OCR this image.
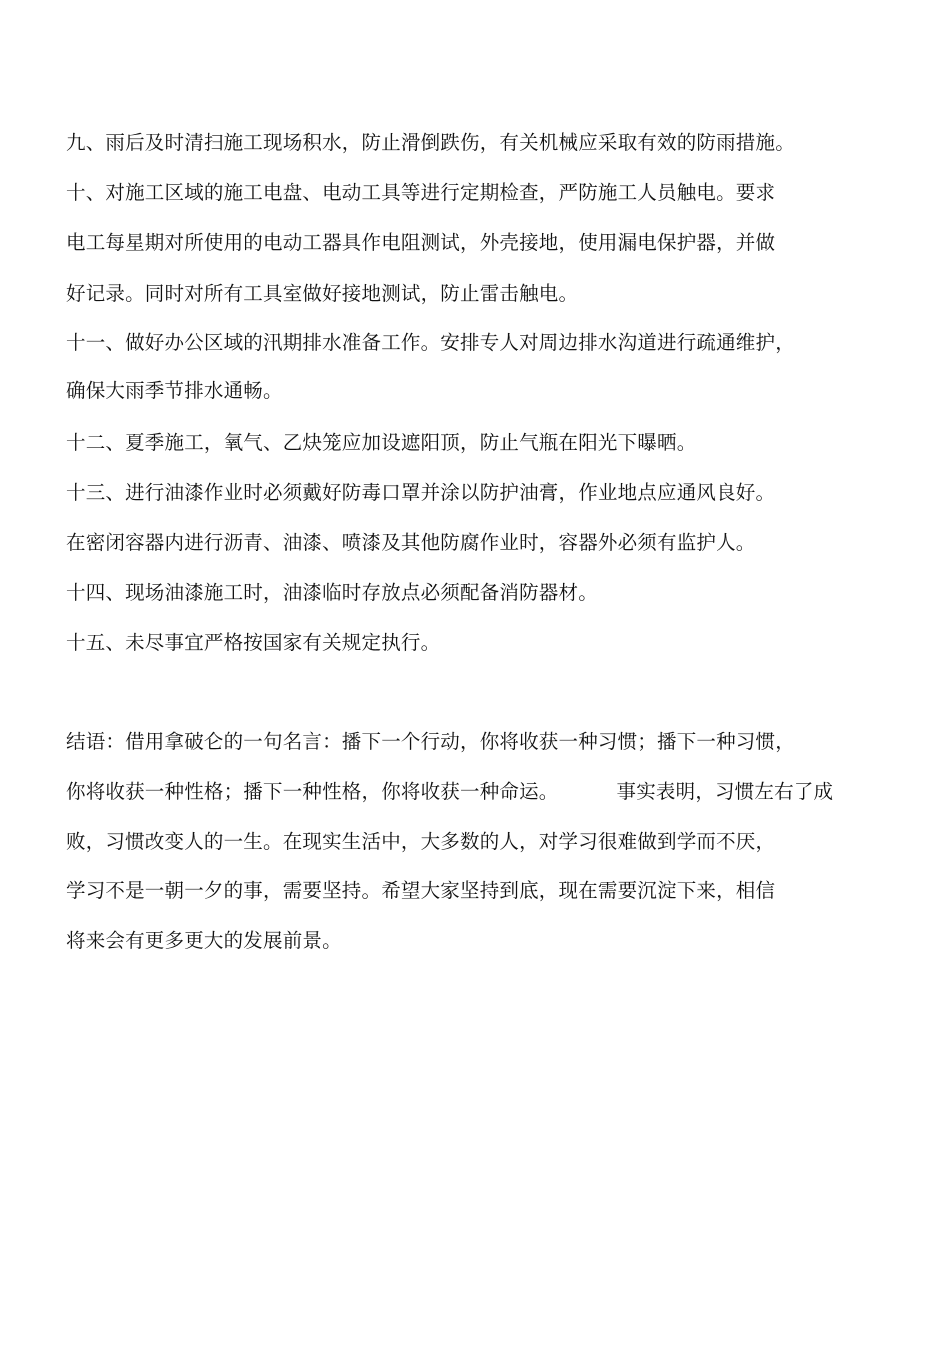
九、雨后及时清扫施工现场积水，防止滑倒跌伤，有关机械应采取有效的防雨措施。
十、对施工区域的施工电盘、电动工具等进行定期检查，严防施工人员触电。要求
电工每星期对所使用的电动工器具作电阻测试，外壳接地，使用漏电保护器，并做
好记录。同时对所有工具室做好接地测试，防止雷击触电。
十一、做好办公区域的汛期排水准备工作。安排专人对周边排水沟道进行疏通维护，
确保大雨季节排水通畅。
十二、夏季施工，氧气、乙炔笼应加设遮阳顶，防止气瓶在阳光下曝晒。
十三、进行油漆作业时必须戴好防毒口罩并涂以防护油膏，作业地点应通风良好。
在密闭容器内进行沥青、油漆、喷漆及其他防腐作业时，容器外必须有监护人。
十四、现场油漆施工时，油漆临时存放点必须配备消防器材。
十五、未尽事宜严格按国家有关规定执行。
结语：借用拿破仑的一句名言：播下一个行动，你将收获一种习惯；播下一种习惯，
你将收获一种性格；播下一种性格，你将收获一种命运。	事实表明，习惯左右了成
败，习惯改变人的一生。在现实生活中，大多数的人，对学习很难做到学而不厌，
学习不是一朝一夕的事，需要坚持。希望大家坚持到底，现在需要沉淀下来，相信
将来会有更多更大的发展前景。
